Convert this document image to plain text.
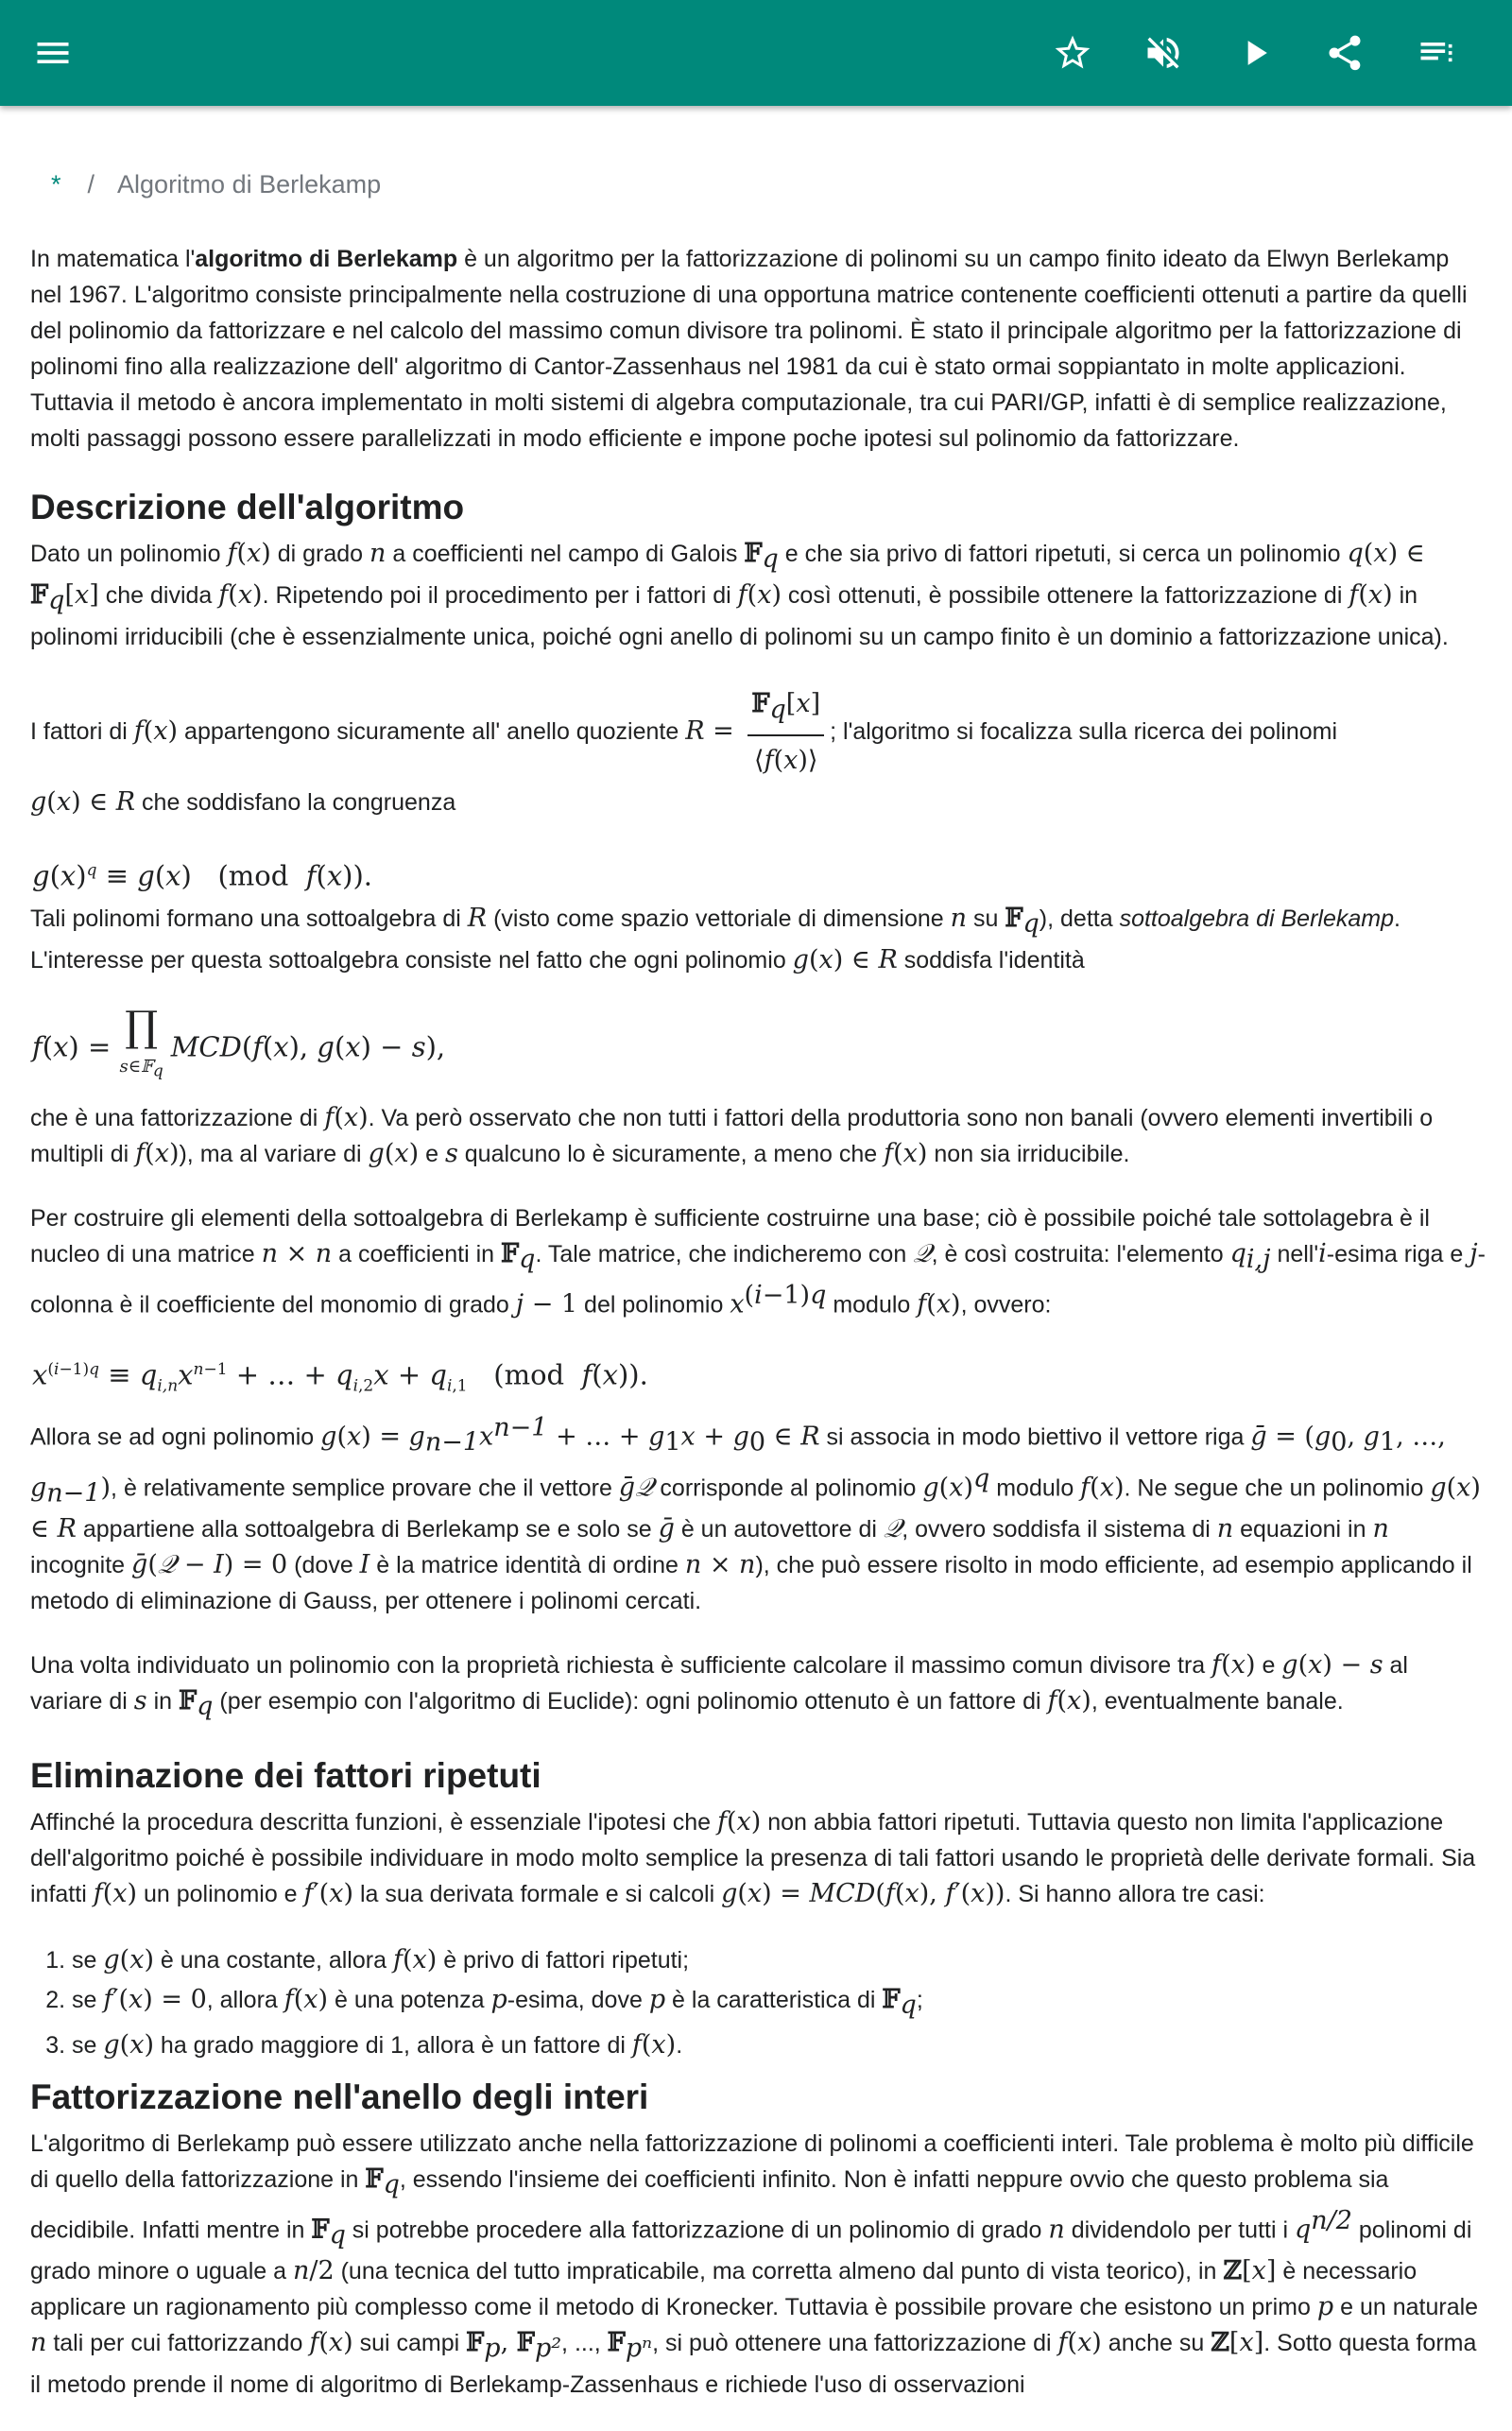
* / Algoritmo di Berlekamp

In matematica l'algoritmo di Berlekamp è un algoritmo per la fattorizzazione di polinomi su un campo finito ideato da Elwyn Berlekamp nel 1967. L'algoritmo consiste principalmente nella costruzione di una opportuna matrice contenente coefficienti ottenuti a partire da quelli del polinomio da fattorizzare e nel calcolo del massimo comun divisore tra polinomi. È stato il principale algoritmo per la fattorizzazione di polinomi fino alla realizzazione dell' algoritmo di Cantor-Zassenhaus nel 1981 da cui è stato ormai soppiantato in molte applicazioni. Tuttavia il metodo è ancora implementato in molti sistemi di algebra computazionale, tra cui PARI/GP, infatti è di semplice realizzazione, molti passaggi possono essere parallelizzati in modo efficiente e impone poche ipotesi sul polinomio da fattorizzare.

Descrizione dell'algoritmo

Dato un polinomio f(x) di grado n a coefficienti nel campo di Galois 𝔽$_q$ e che sia privo di fattori ripetuti, si cerca un polinomio q(x) ∈ 𝔽$_q$[x] che divida f(x). Ripetendo poi il procedimento per i fattori di f(x) così ottenuti, è possibile ottenere la fattorizzazione di f(x) in polinomi irriducibili (che è essenzialmente unica, poiché ogni anello di polinomi su un campo finito è un dominio a fattorizzazione unica).

I fattori di f(x) appartengono sicuramente all' anello quoziente $R = \frac{𝔽_q[x]}{⟨f(x)⟩}$ ; l'algoritmo si focalizza sulla ricerca dei polinomi
g(x) ∈ R che soddisfano la congruenza

$g(x)^q \equiv g(x)$   (mod  f(x)).

Tali polinomi formano una sottoalgebra di R (visto come spazio vettoriale di dimensione n su 𝔽$_q$), detta sottoalgebra di Berlekamp. L'interesse per questa sottoalgebra consiste nel fatto che ogni polinomio g(x) ∈ R soddisfa l'identità

f(x) = ∏
s∈𝔽$_q$
MCD(f(x), g(x) − s),

che è una fattorizzazione di f(x). Va però osservato che non tutti i fattori della produttoria sono non banali (ovvero elementi invertibili o multipli di f(x)), ma al variare di g(x) e s qualcuno lo è sicuramente, a meno che f(x) non sia irriducibile.

Per costruire gli elementi della sottoalgebra di Berlekamp è sufficiente costruirne una base; ciò è possibile poiché tale sottolagebra è il nucleo di una matrice n × n a coefficienti in 𝔽$_q$. Tale matrice, che indicheremo con 𝒬, è così costruita: l'elemento $q_{i,j}$ nell'i-esima riga e j-colonna è il coefficiente del monomio di grado j − 1 del polinomio $x^{(i-1)q}$ modulo f(x), ovvero:

$x^{(i-1)q} \equiv q_{i,n}x^{n-1}$ + … + $q_{i,2}x + q_{i,1}$   (mod  f(x)).

Allora se ad ogni polinomio $g(x) = g_{n-1}x^{n-1}$ + … + $g_1x + g_0$ ∈ R si associa in modo biettivo il vettore riga ḡ = ($g_0$, $g_1$, …, $g_{n-1}$), è relativamente semplice provare che il vettore ḡ𝒬 corrisponde al polinomio $g(x)^q$ modulo f(x). Ne segue che un polinomio g(x) ∈ R appartiene alla sottoalgebra di Berlekamp se e solo se ḡ è un autovettore di 𝒬, ovvero soddisfa il sistema di n equazioni in n incognite ḡ(𝒬 − I) = 0 (dove I è la matrice identità di ordine n × n), che può essere risolto in modo efficiente, ad esempio applicando il metodo di eliminazione di Gauss, per ottenere i polinomi cercati.

Una volta individuato un polinomio con la proprietà richiesta è sufficiente calcolare il massimo comun divisore tra f(x) e g(x) − s al variare di s in 𝔽$_q$ (per esempio con l'algoritmo di Euclide): ogni polinomio ottenuto è un fattore di f(x), eventualmente banale.

Eliminazione dei fattori ripetuti

Affinché la procedura descritta funzioni, è essenziale l'ipotesi che f(x) non abbia fattori ripetuti. Tuttavia questo non limita l'applicazione dell'algoritmo poiché è possibile individuare in modo molto semplice la presenza di tali fattori usando le proprietà delle derivate formali. Sia infatti f(x) un polinomio e f′(x) la sua derivata formale e si calcoli g(x) = MCD(f(x), f′(x)). Si hanno allora tre casi:

1. se g(x) è una costante, allora f(x) è privo di fattori ripetuti;
2. se f′(x) = 0, allora f(x) è una potenza p-esima, dove p è la caratteristica di 𝔽$_q$;
3. se g(x) ha grado maggiore di 1, allora è un fattore di f(x).
Fattorizzazione nell'anello degli interi

L'algoritmo di Berlekamp può essere utilizzato anche nella fattorizzazione di polinomi a coefficienti interi. Tale problema è molto più difficile di quello della fattorizzazione in 𝔽$_q$, essendo l'insieme dei coefficienti infinito. Non è infatti neppure ovvio che questo problema sia decidibile. Infatti mentre in 𝔽$_q$ si potrebbe procedere alla fattorizzazione di un polinomio di grado n dividendolo per tutti i $q^{n/2}$ polinomi di grado minore o uguale a n/2 (una tecnica del tutto impraticabile, ma corretta almeno dal punto di vista teorico), in ℤ[x] è necessario applicare un ragionamento più complesso come il metodo di Kronecker. Tuttavia è possibile provare che esistono un primo p e un naturale n tali per cui fattorizzando f(x) sui campi 𝔽$_p$, 𝔽$_{p^2}$, ..., 𝔽$_{p^n}$, si può ottenere una fattorizzazione di f(x) anche su ℤ[x]. Sotto questa forma il metodo prende il nome di algoritmo di Berlekamp-Zassenhaus e richiede l'uso di osservazioni
